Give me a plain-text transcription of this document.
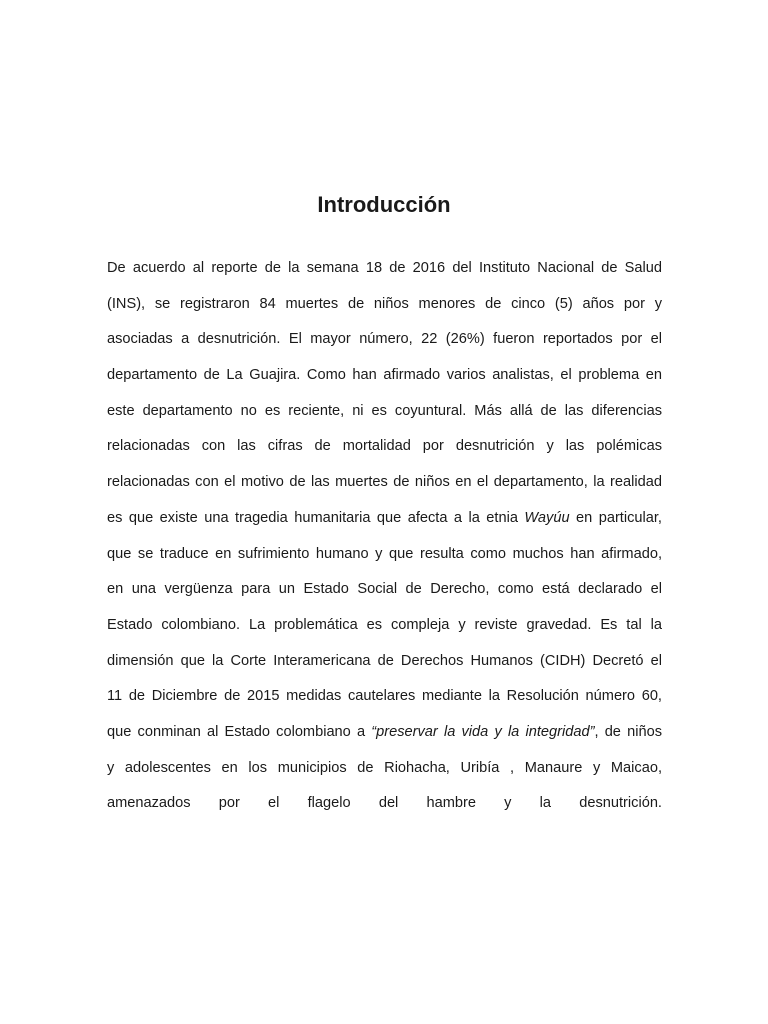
Introducción
De acuerdo al reporte de la semana 18 de 2016 del Instituto Nacional de Salud
(INS), se registraron 84 muertes de niños menores de cinco (5) años por y
asociadas a desnutrición. El mayor número, 22 (26%) fueron reportados por el
departamento de La Guajira. Como han afirmado varios analistas, el problema en
este departamento no es reciente, ni es coyuntural. Más allá de las diferencias
relacionadas con las cifras de mortalidad por desnutrición y las polémicas
relacionadas con el motivo de las muertes de niños en el departamento, la realidad
es que existe una tragedia humanitaria que afecta a la etnia Wayúu en particular,
que se traduce en sufrimiento humano y que resulta como muchos han afirmado,
en una vergüenza para un Estado Social de Derecho, como está declarado el
Estado colombiano. La problemática es compleja y reviste gravedad. Es tal la
dimensión que la Corte Interamericana de Derechos Humanos (CIDH) Decretó el
11 de Diciembre de 2015 medidas cautelares mediante la Resolución número 60,
que conminan al Estado colombiano a “preservar la vida y la integridad”, de niños
y adolescentes en los municipios de Riohacha, Uribía , Manaure y Maicao,
amenazados por el flagelo del hambre y la desnutrición.
